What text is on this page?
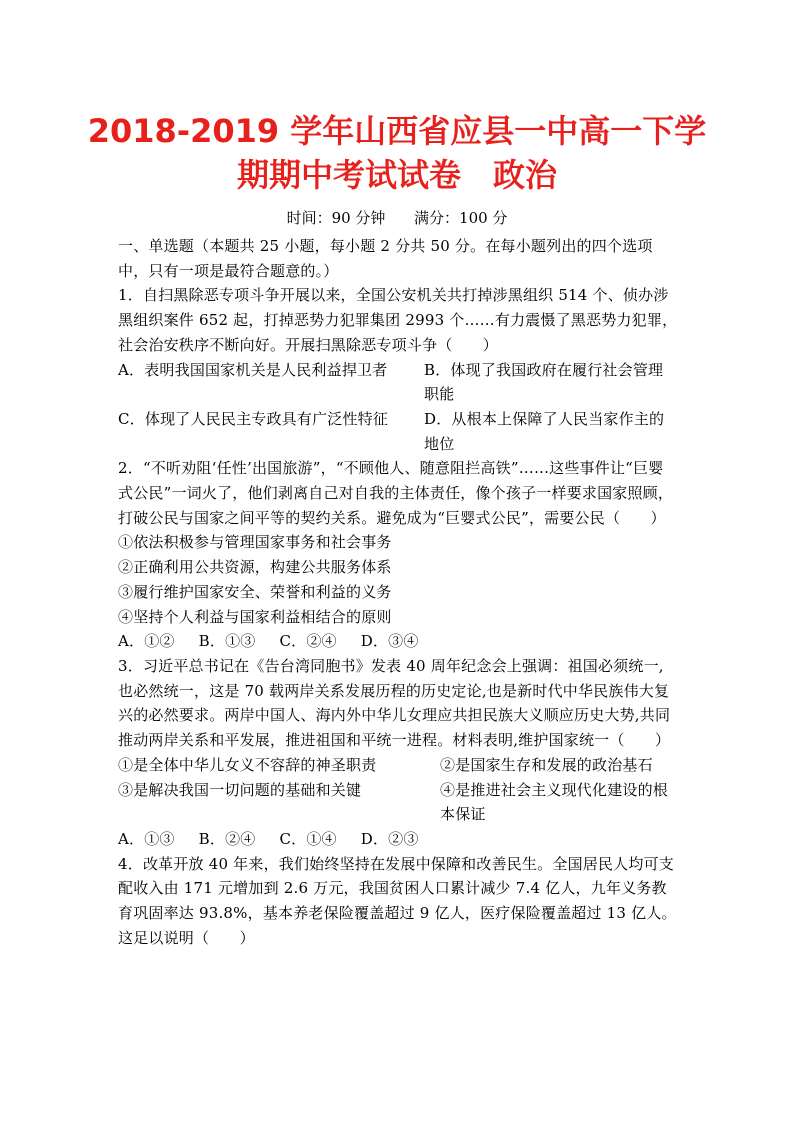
2018-2019 学年山西省应县一中高一下学
期期中考试试卷　政治
时间：90 分钟      满分：100 分

一、单选题（本题共 25 小题，每小题 2 分共 50 分。在每小题列出的四个选项中，只有一项是最符合题意的。）

1．自扫黑除恶专项斗争开展以来，全国公安机关共打掉涉黑组织 514 个、侦办涉黑组织案件 652 起，打掉恶势力犯罪集团 2993 个……有力震慑了黑恶势力犯罪，社会治安秩序不断向好。开展扫黑除恶专项斗争（　　）

A．表明我国国家机关是人民利益捍卫者	B．体现了我国政府在履行社会管理职能

C．体现了人民民主专政具有广泛性特征	D．从根本上保障了人民当家作主的地位

2．“不听劝阻‘任性’出国旅游”，“不顾他人、随意阻拦高铁”……这些事件让“巨婴式公民”一词火了，他们剥离自己对自我的主体责任，像个孩子一样要求国家照顾，打破公民与国家之间平等的契约关系。避免成为“巨婴式公民”，需要公民（　　）

①依法积极参与管理国家事务和社会事务

②正确利用公共资源，构建公共服务体系

③履行维护国家安全、荣誉和利益的义务

④坚持个人利益与国家利益相结合的原则

A．①② B．①③ C．②④ D．③④

3．习近平总书记在《告台湾同胞书》发表 40 周年纪念会上强调：祖国必须统一,也必然统一，这是 70 载两岸关系发展历程的历史定论,也是新时代中华民族伟大复兴的必然要求。两岸中国人、海内外中华儿女理应共担民族大义顺应历史大势,共同推动两岸关系和平发展，推进祖国和平统一进程。材料表明,维护国家统一（　　）

①是全体中华儿女义不容辞的神圣职责	②是国家生存和发展的政治基石
③是解决我国一切问题的基础和关键	④是推进社会主义现代化建设的根本保证

A．①③ B．②④ C．①④ D．②③

4．改革开放 40 年来，我们始终坚持在发展中保障和改善民生。全国居民人均可支配收入由 171 元增加到 2.6 万元，我国贫困人口累计减少 7.4 亿人，九年义务教育巩固率达 93.8%，基本养老保险覆盖超过 9 亿人，医疗保险覆盖超过 13 亿人。这足以说明（　　）
